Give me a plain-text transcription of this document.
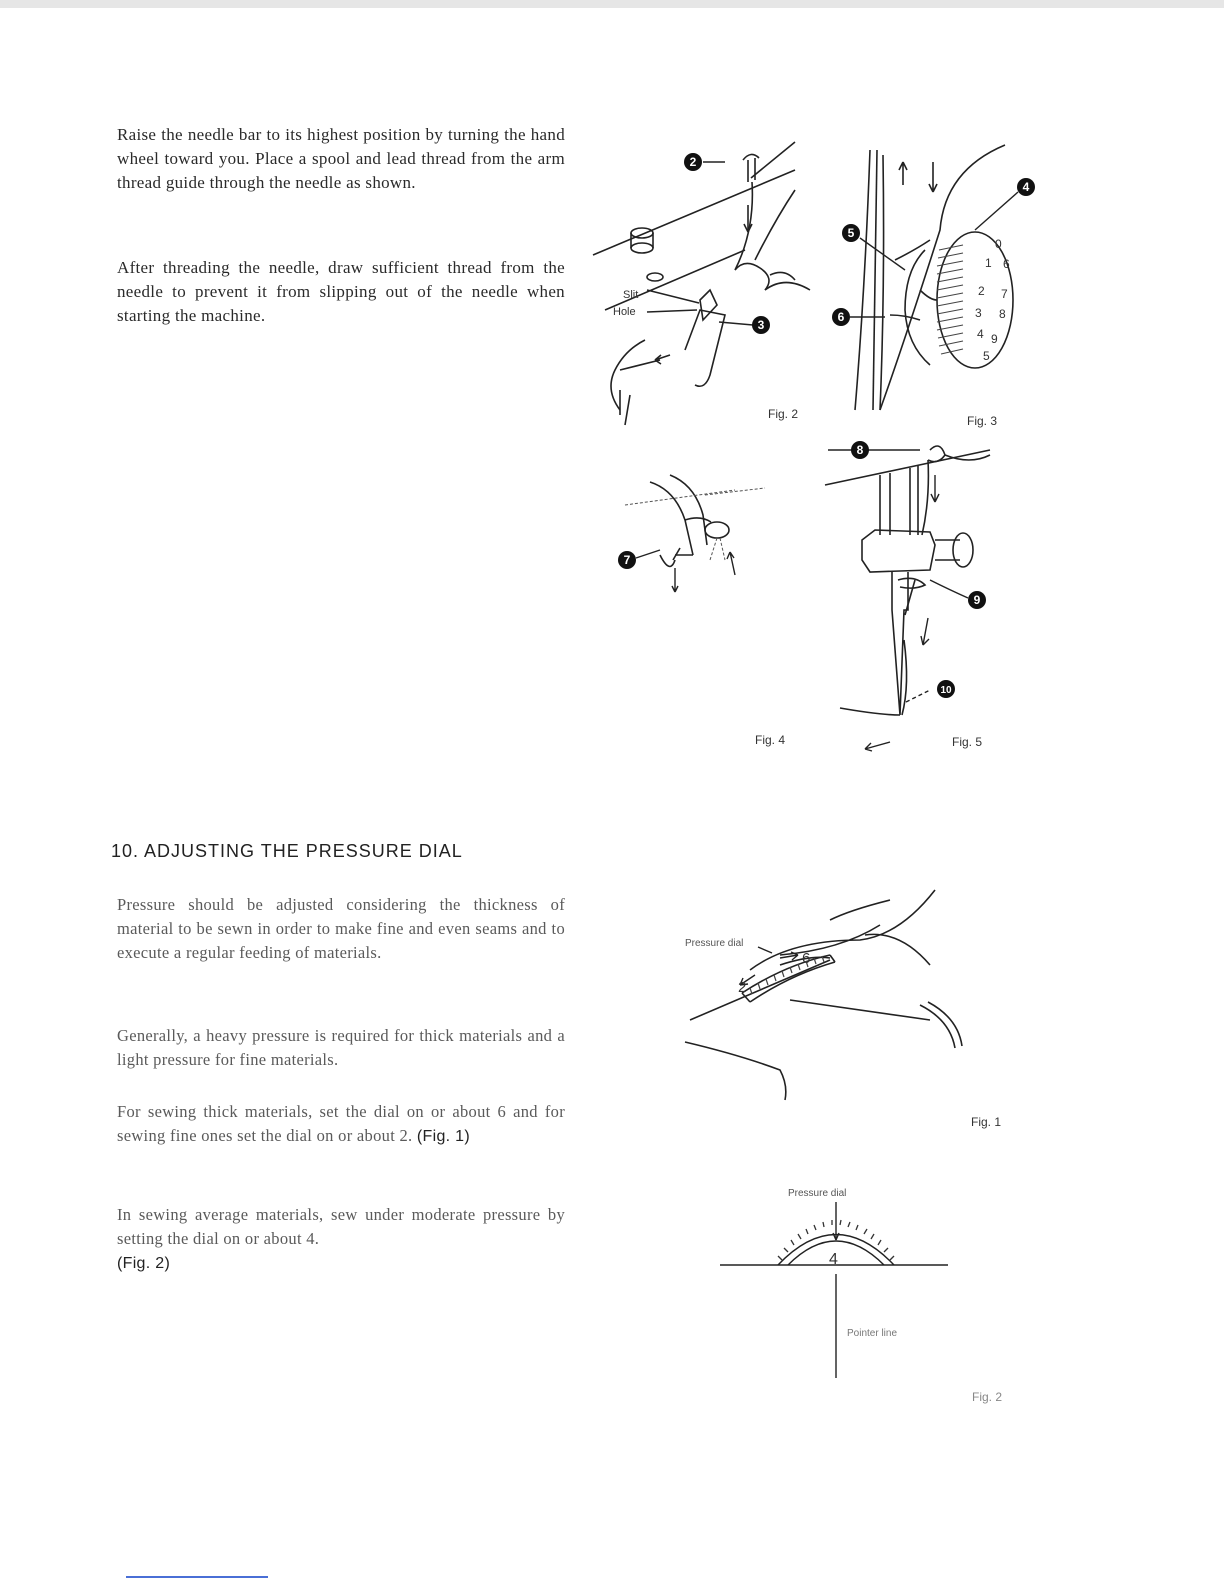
Raise the needle bar to its highest position by turning the hand wheel toward you. Place a spool and lead thread from the arm thread guide through the needle as shown.

After threading the needle, draw sufficient thread from the needle to prevent it from slipping out of the needle when starting the machine.

2
3
Slit
Hole
Fig. 2
0
1
2
3
4
5
6
7
8
9
4
5
6
Fig. 3
7
Fig. 4
8
9
10
Fig. 5

10. ADJUSTING THE PRESSURE DIAL

Pressure should be adjusted considering the thickness of material to be sewn in order to make fine and even seams and to execute a regular feeding of materials.

Generally, a heavy pressure is required for thick materials and a light pressure for fine materials.

For sewing thick materials, set the dial on or about 6 and for sewing fine ones set the dial on or about 2. (Fig. 1)

In sewing average materials, sew under moderate pressure by setting the dial on or about 4.
(Fig. 2)

Pressure dial
2
6
Fig. 1
Pressure dial
4
Pointer line
Fig. 2
